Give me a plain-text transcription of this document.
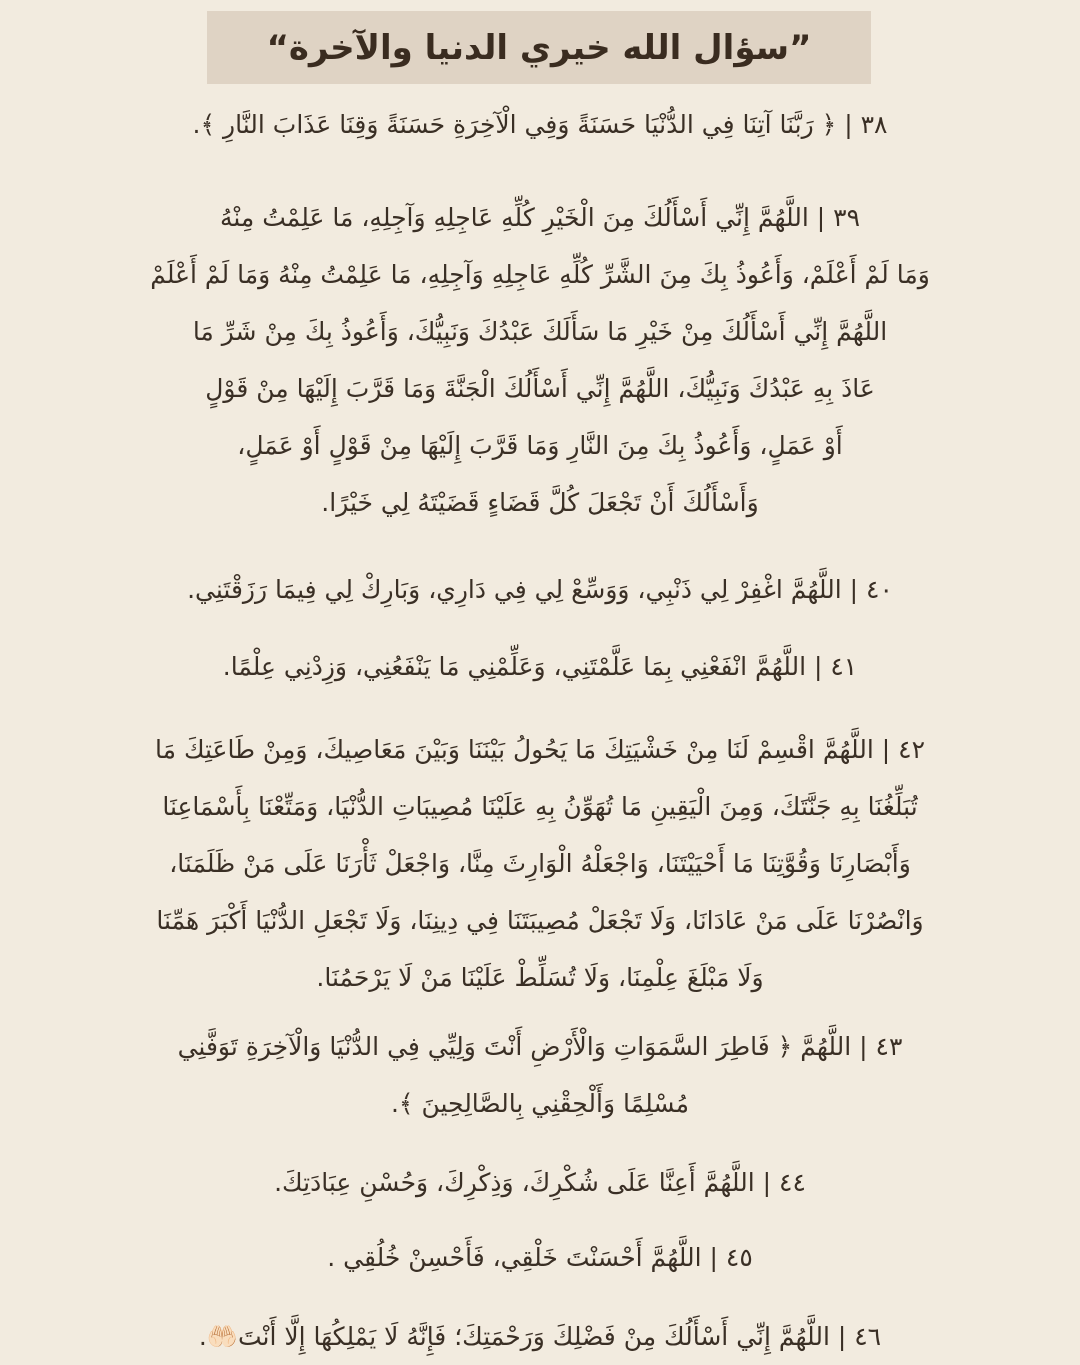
”سؤال الله خيري الدنيا والآخرة“
٣٨ | ﴿ رَبَّنَا آتِنَا فِي الدُّنْيَا حَسَنَةً وَفِي الْآخِرَةِ حَسَنَةً وَقِنَا عَذَابَ النَّارِ ﴾.
٣٩ | اللَّهُمَّ إِنِّي أَسْأَلُكَ مِنَ الْخَيْرِ كُلِّهِ عَاجِلِهِ وَآجِلِهِ، مَا عَلِمْتُ مِنْهُ
وَمَا لَمْ أَعْلَمْ، وَأَعُوذُ بِكَ مِنَ الشَّرِّ كُلِّهِ عَاجِلِهِ وَآجِلِهِ، مَا عَلِمْتُ مِنْهُ وَمَا لَمْ أَعْلَمْ
اللَّهُمَّ إِنِّي أَسْأَلُكَ مِنْ خَيْرِ مَا سَأَلَكَ عَبْدُكَ وَنَبِيُّكَ، وَأَعُوذُ بِكَ مِنْ شَرِّ مَا
عَاذَ بِهِ عَبْدُكَ وَنَبِيُّكَ، اللَّهُمَّ إِنِّي أَسْأَلُكَ الْجَنَّةَ وَمَا قَرَّبَ إِلَيْهَا مِنْ قَوْلٍ
أَوْ عَمَلٍ، وَأَعُوذُ بِكَ مِنَ النَّارِ وَمَا قَرَّبَ إِلَيْهَا مِنْ قَوْلٍ أَوْ عَمَلٍ،
وَأَسْأَلُكَ أَنْ تَجْعَلَ كُلَّ قَضَاءٍ قَضَيْتَهُ لِي خَيْرًا.
٤٠ | اللَّهُمَّ اغْفِرْ لِي ذَنْبِي، وَوَسِّعْ لِي فِي دَارِي، وَبَارِكْ لِي فِيمَا رَزَقْتَنِي.
٤١ | اللَّهُمَّ انْفَعْنِي بِمَا عَلَّمْتَنِي، وَعَلِّمْنِي مَا يَنْفَعُنِي، وَزِدْنِي عِلْمًا.
٤٢ | اللَّهُمَّ اقْسِمْ لَنَا مِنْ خَشْيَتِكَ مَا يَحُولُ بَيْنَنَا وَبَيْنَ مَعَاصِيكَ، وَمِنْ طَاعَتِكَ مَا
تُبَلِّغُنَا بِهِ جَنَّتَكَ، وَمِنَ الْيَقِينِ مَا تُهَوِّنُ بِهِ عَلَيْنَا مُصِيبَاتِ الدُّنْيَا، وَمَتِّعْنَا بِأَسْمَاعِنَا
وَأَبْصَارِنَا وَقُوَّتِنَا مَا أَحْيَيْتَنَا، وَاجْعَلْهُ الْوَارِثَ مِنَّا، وَاجْعَلْ ثَأْرَنَا عَلَى مَنْ ظَلَمَنَا،
وَانْصُرْنَا عَلَى مَنْ عَادَانَا، وَلَا تَجْعَلْ مُصِيبَتَنَا فِي دِينِنَا، وَلَا تَجْعَلِ الدُّنْيَا أَكْبَرَ هَمِّنَا
وَلَا مَبْلَغَ عِلْمِنَا، وَلَا تُسَلِّطْ عَلَيْنَا مَنْ لَا يَرْحَمُنَا.
٤٣ | اللَّهُمَّ ﴿ فَاطِرَ السَّمَوَاتِ وَالْأَرْضِ أَنْتَ وَلِيِّي فِي الدُّنْيَا وَالْآخِرَةِ تَوَفَّنِي
مُسْلِمًا وَأَلْحِقْنِي بِالصَّالِحِينَ ﴾.
٤٤ | اللَّهُمَّ أَعِنَّا عَلَى شُكْرِكَ، وَذِكْرِكَ، وَحُسْنِ عِبَادَتِكَ.
٤٥ | اللَّهُمَّ أَحْسَنْتَ خَلْقِي، فَأَحْسِنْ خُلُقِي .
٤٦ | اللَّهُمَّ إِنِّي أَسْأَلُكَ مِنْ فَضْلِكَ وَرَحْمَتِكَ؛ فَإِنَّهُ لَا يَمْلِكُهَا إِلَّا أَنْتَ🤲🏻.
